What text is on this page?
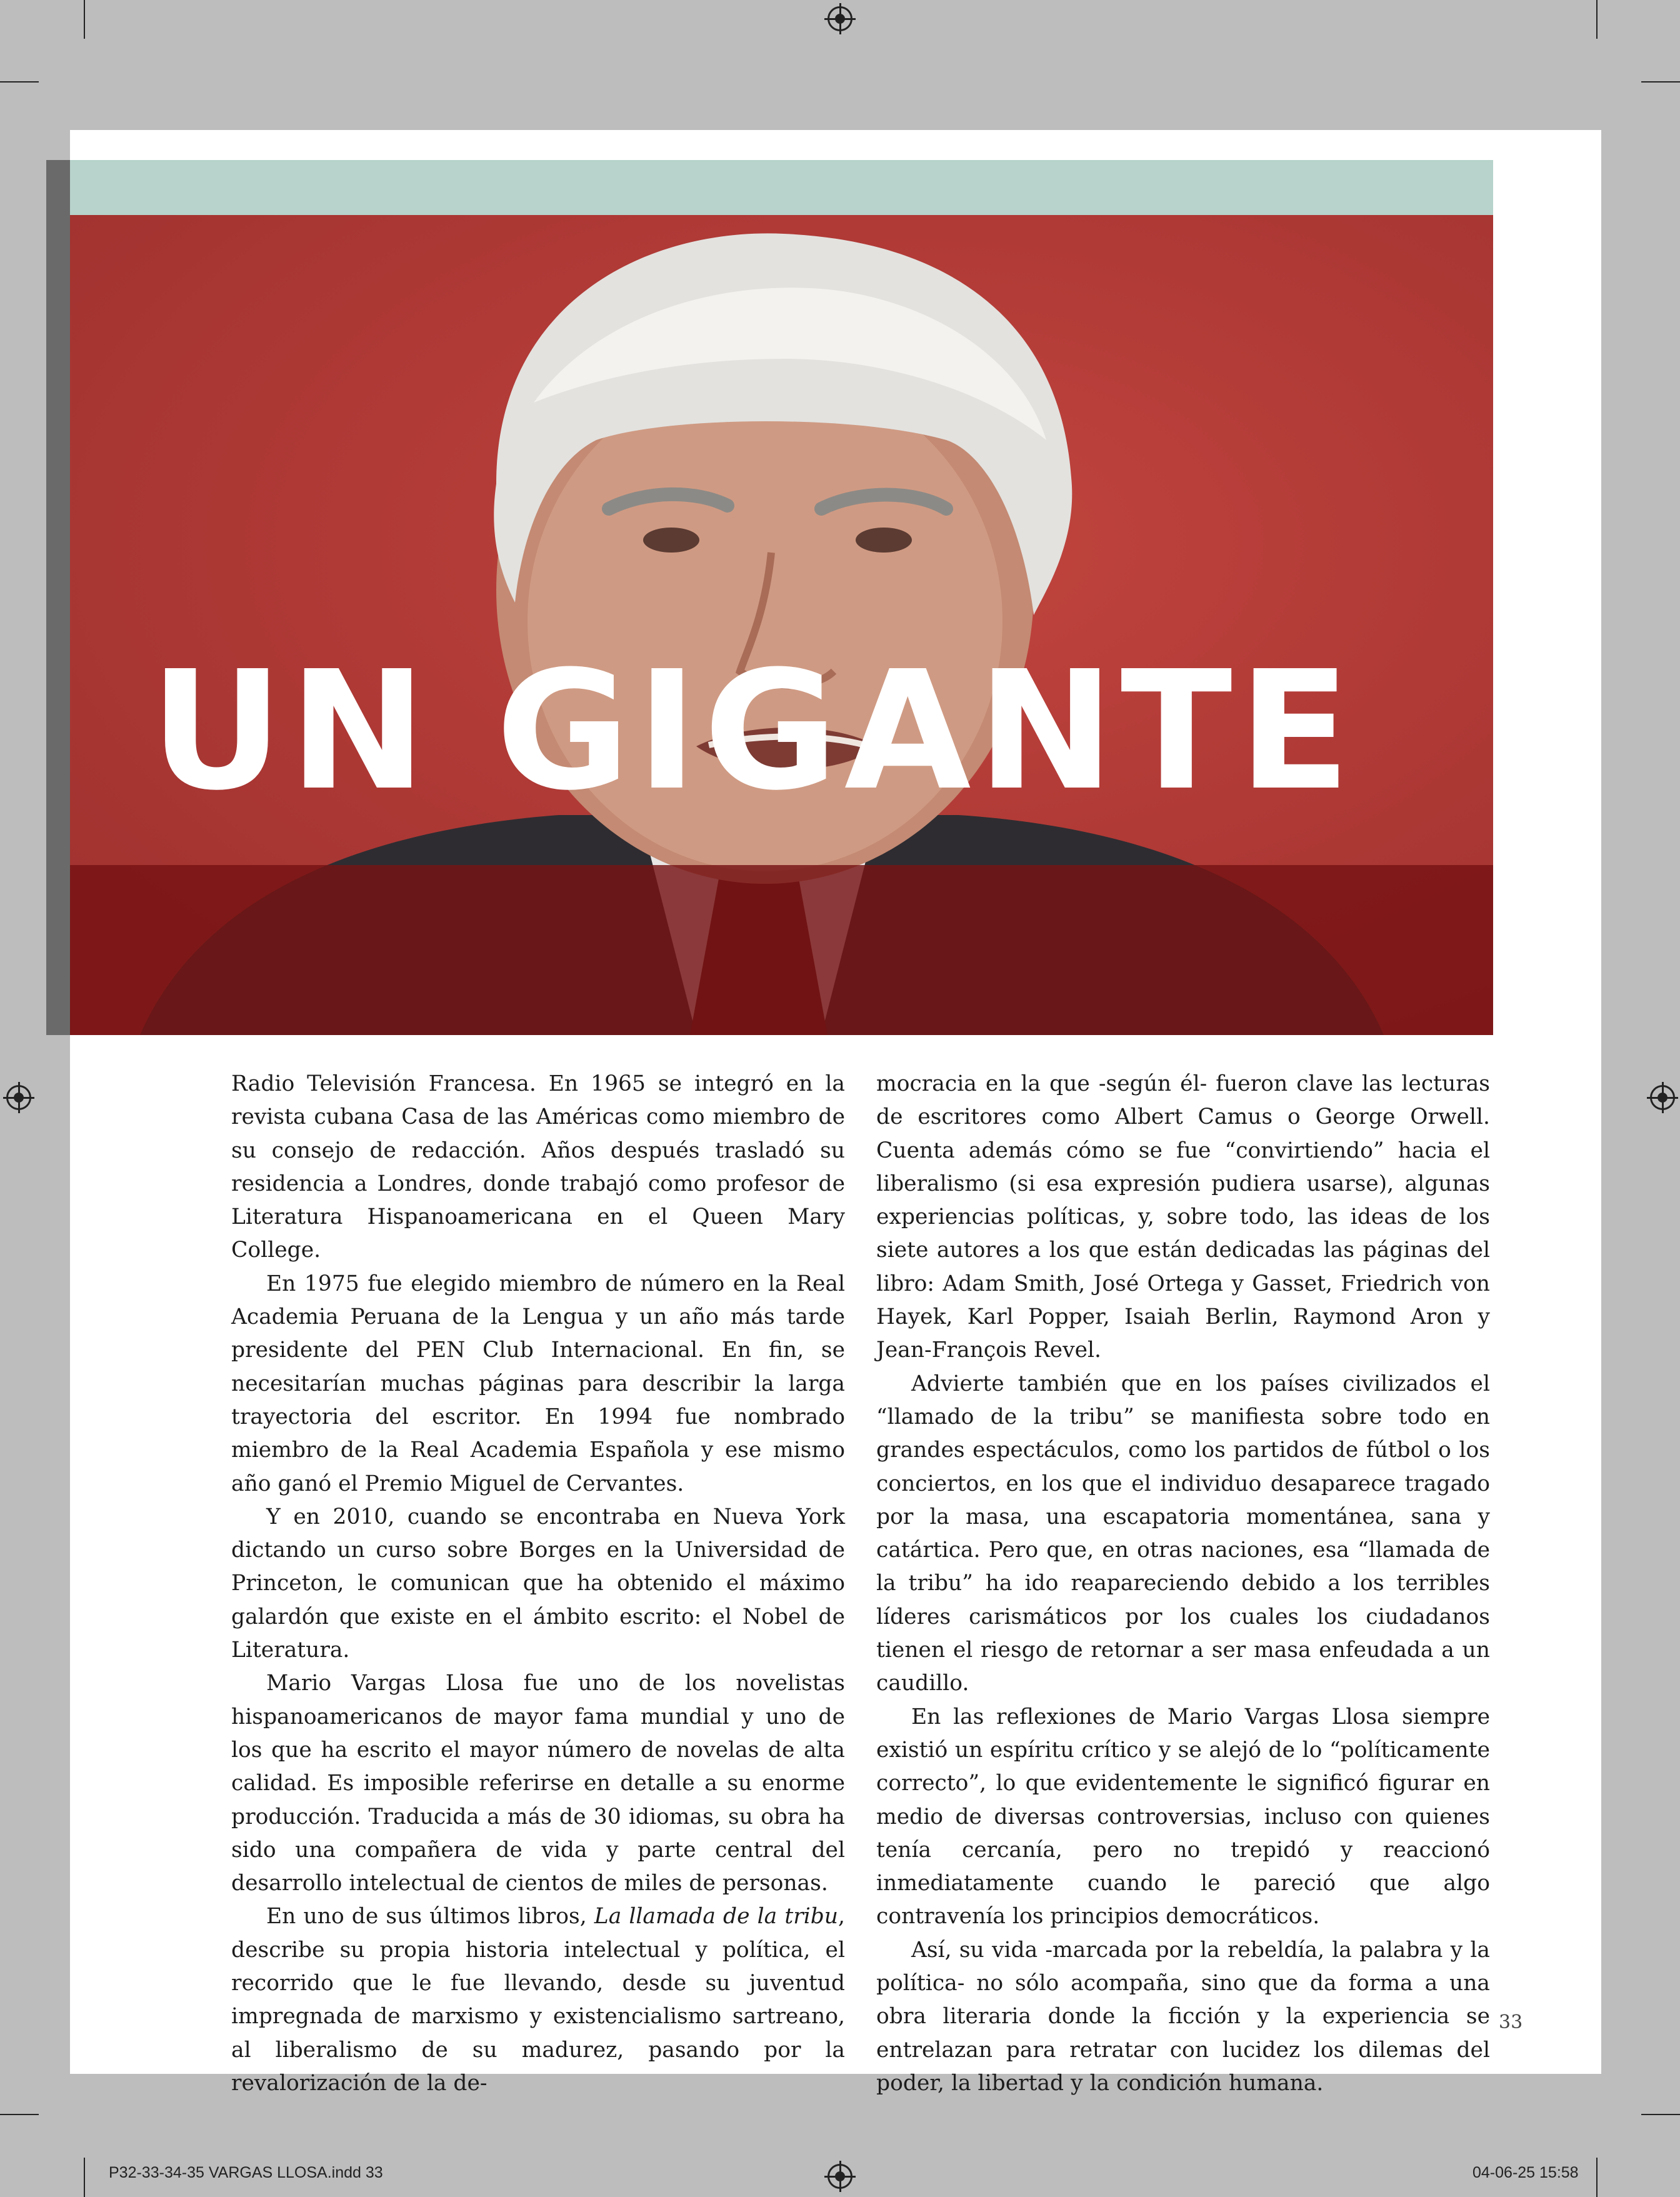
UN GIGANTE

Radio Televisión Francesa. En 1965 se integró en la revista cubana Casa de las Américas como miembro de su consejo de redacción. Años después trasladó su residencia a Londres, donde trabajó como profesor de Literatura Hispanoamericana en el Queen Mary College.

En 1975 fue elegido miembro de número en la Real Academia Peruana de la Lengua y un año más tarde presidente del PEN Club Internacional. En fin, se necesitarían muchas páginas para describir la larga trayectoria del escritor. En 1994 fue nombrado miembro de la Real Academia Española y ese mismo año ganó el Premio Miguel de Cervantes.

Y en 2010, cuando se encontraba en Nueva York dictando un curso sobre Borges en la Universidad de Princeton, le comunican que ha obtenido el máximo galardón que existe en el ámbito escrito: el Nobel de Literatura.

Mario Vargas Llosa fue uno de los novelistas hispanoamericanos de mayor fama mundial y uno de los que ha escrito el mayor número de novelas de alta calidad. Es imposible referirse en detalle a su enorme producción. Traducida a más de 30 idiomas, su obra ha sido una compañera de vida y parte central del desarrollo intelectual de cientos de miles de personas.

En uno de sus últimos libros, La llamada de la tribu, describe su propia historia intelectual y política, el recorrido que le fue llevando, desde su juventud impregnada de marxismo y existencialismo sartreano, al liberalismo de su madurez, pasando por la revalorización de la de-

mocracia en la que -según él- fueron clave las lecturas de escritores como Albert Camus o George Orwell. Cuenta además cómo se fue “convirtiendo” hacia el liberalismo (si esa expresión pudiera usarse), algunas experiencias políticas, y, sobre todo, las ideas de los siete autores a los que están dedicadas las páginas del libro: Adam Smith, José Ortega y Gasset, Friedrich von Hayek, Karl Popper, Isaiah Berlin, Raymond Aron y Jean-François Revel.

Advierte también que en los países civilizados el “llamado de la tribu” se manifiesta sobre todo en grandes espectáculos, como los partidos de fútbol o los conciertos, en los que el individuo desaparece tragado por la masa, una escapatoria momentánea, sana y catártica. Pero que, en otras naciones, esa “llamada de la tribu” ha ido reapareciendo debido a los terribles líderes carismáticos por los cuales los ciudadanos tienen el riesgo de retornar a ser masa enfeudada a un caudillo.

En las reflexiones de Mario Vargas Llosa siempre existió un espíritu crítico y se alejó de lo “políticamente correcto”, lo que evidentemente le significó figurar en medio de diversas controversias, incluso con quienes tenía cercanía, pero no trepidó y reaccionó inmediatamente cuando le pareció que algo contravenía los principios democráticos.

Así, su vida -marcada por la rebeldía, la palabra y la política- no sólo acompaña, sino que da forma a una obra literaria donde la ficción y la experiencia se entrelazan para retratar con lucidez los dilemas del poder, la libertad y la condición humana.

33
P32-33-34-35 VARGAS LLOSA.indd 33	04-06-25 15:58
